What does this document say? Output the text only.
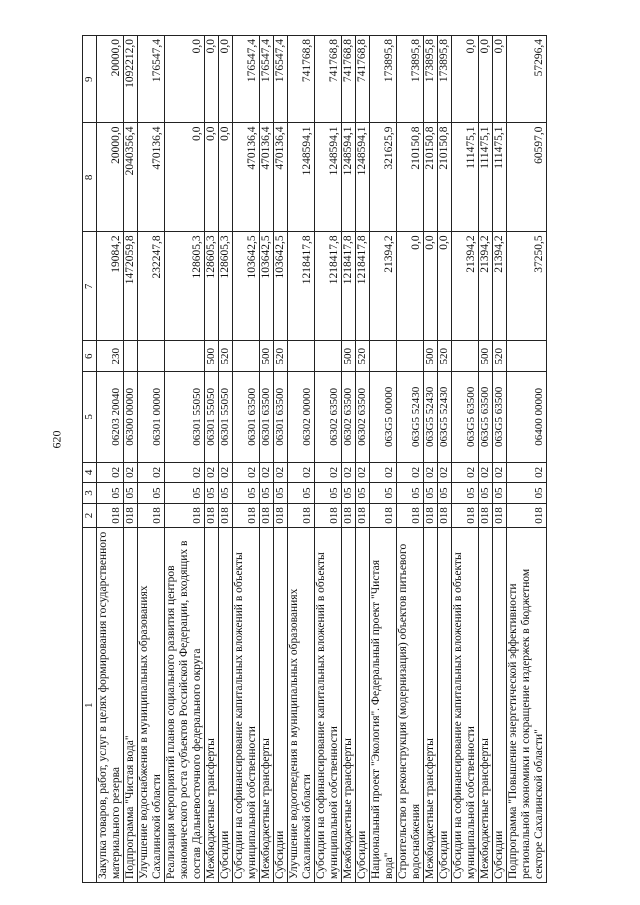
620
1	2	3	4	5	6	7	8	9
Закупка товаров, работ, услуг в целях формирования государственного материального резерва	018	05	02	06203 20040	230	19084,2	20000,0	20000,0
Подпрограмма "Чистая вода"	018	05	02	06300 00000		1472059,8	2040356,4	1092212,0
Улучшение водоснабжения в муниципальных образованиях Сахалинской области	018	05	02	06301 00000		232247,8	470136,4	176547,4
Реализация мероприятий планов социального развития центров экономического роста субъектов Российской Федерации, входящих в состав Дальневосточного федерального округа	018	05	02	06301 55050		128605,3	0,0	0,0
Межбюджетные трансферты	018	05	02	06301 55050	500	128605,3	0,0	0,0
Субсидии	018	05	02	06301 55050	520	128605,3	0,0	0,0
Субсидии на софинансирование капитальных вложений в объекты муниципальной собственности	018	05	02	06301 63500		103642,5	470136,4	176547,4
Межбюджетные трансферты	018	05	02	06301 63500	500	103642,5	470136,4	176547,4
Субсидии	018	05	02	06301 63500	520	103642,5	470136,4	176547,4
Улучшение водоотведения в муниципальных образованиях Сахалинской области	018	05	02	06302 00000		1218417,8	1248594,1	741768,8
Субсидии на софинансирование капитальных вложений в объекты муниципальной собственности	018	05	02	06302 63500		1218417,8	1248594,1	741768,8
Межбюджетные трансферты	018	05	02	06302 63500	500	1218417,8	1248594,1	741768,8
Субсидии	018	05	02	06302 63500	520	1218417,8	1248594,1	741768,8
Национальный проект "Экология". Федеральный проект "Чистая вода"	018	05	02	063G5 00000		21394,2	321625,9	173895,8
Строительство и реконструкция (модернизация) объектов питьевого водоснабжения	018	05	02	063G5 52430		0,0	210150,8	173895,8
Межбюджетные трансферты	018	05	02	063G5 52430	500	0,0	210150,8	173895,8
Субсидии	018	05	02	063G5 52430	520	0,0	210150,8	173895,8
Субсидии на софинансирование капитальных вложений в объекты муниципальной собственности	018	05	02	063G5 63500		21394,2	111475,1	0,0
Межбюджетные трансферты	018	05	02	063G5 63500	500	21394,2	111475,1	0,0
Субсидии	018	05	02	063G5 63500	520	21394,2	111475,1	0,0
Подпрограмма "Повышение энергетической эффективности региональной экономики и сокращение издержек в бюджетном секторе Сахалинской области"	018	05	02	06400 00000		37250,5	60597,0	57296,4
